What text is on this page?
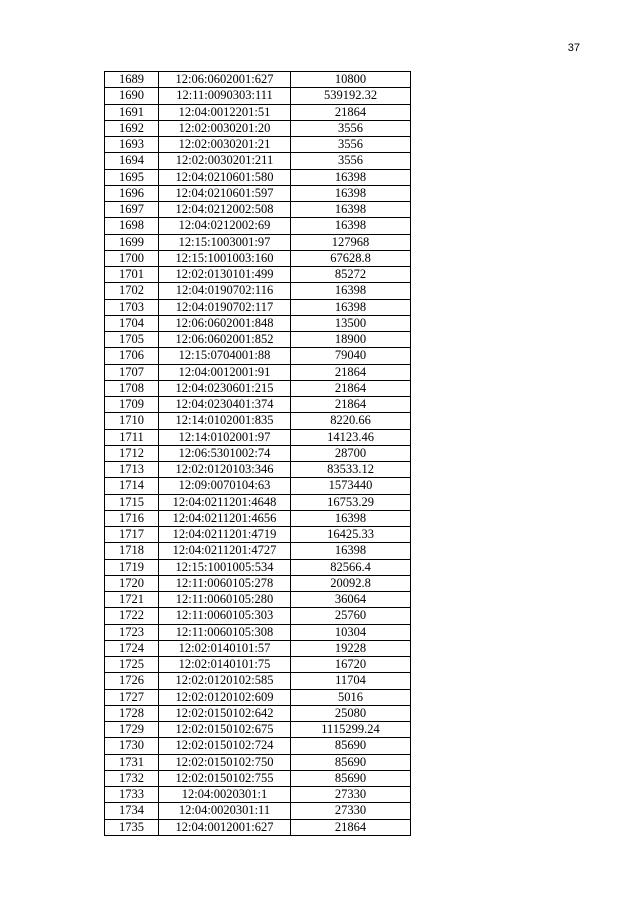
37
1689	12:06:0602001:627	10800
1690	12:11:0090303:111	539192.32
1691	12:04:0012201:51	21864
1692	12:02:0030201:20	3556
1693	12:02:0030201:21	3556
1694	12:02:0030201:211	3556
1695	12:04:0210601:580	16398
1696	12:04:0210601:597	16398
1697	12:04:0212002:508	16398
1698	12:04:0212002:69	16398
1699	12:15:1003001:97	127968
1700	12:15:1001003:160	67628.8
1701	12:02:0130101:499	85272
1702	12:04:0190702:116	16398
1703	12:04:0190702:117	16398
1704	12:06:0602001:848	13500
1705	12:06:0602001:852	18900
1706	12:15:0704001:88	79040
1707	12:04:0012001:91	21864
1708	12:04:0230601:215	21864
1709	12:04:0230401:374	21864
1710	12:14:0102001:835	8220.66
1711	12:14:0102001:97	14123.46
1712	12:06:5301002:74	28700
1713	12:02:0120103:346	83533.12
1714	12:09:0070104:63	1573440
1715	12:04:0211201:4648	16753.29
1716	12:04:0211201:4656	16398
1717	12:04:0211201:4719	16425.33
1718	12:04:0211201:4727	16398
1719	12:15:1001005:534	82566.4
1720	12:11:0060105:278	20092.8
1721	12:11:0060105:280	36064
1722	12:11:0060105:303	25760
1723	12:11:0060105:308	10304
1724	12:02:0140101:57	19228
1725	12:02:0140101:75	16720
1726	12:02:0120102:585	11704
1727	12:02:0120102:609	5016
1728	12:02:0150102:642	25080
1729	12:02:0150102:675	1115299.24
1730	12:02:0150102:724	85690
1731	12:02:0150102:750	85690
1732	12:02:0150102:755	85690
1733	12:04:0020301:1	27330
1734	12:04:0020301:11	27330
1735	12:04:0012001:627	21864
